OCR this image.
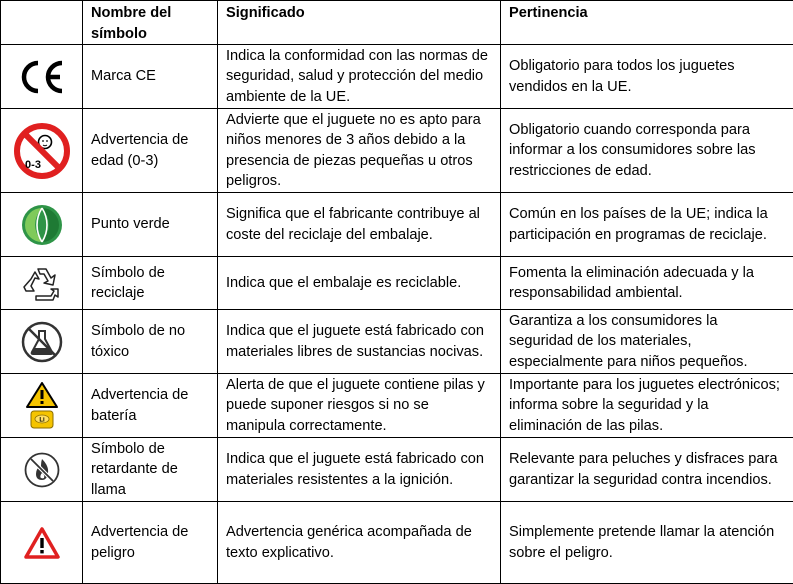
	Nombre del símbolo	Significado	Pertinencia

	Marca CE	Indica la conformidad con las normas de seguridad, salud y protección del medio ambiente de la UE.	Obligatorio para todos los juguetes vendidos en la UE.

0-3	Advertencia de edad (0-3)	Advierte que el juguete no es apto para niños menores de 3 años debido a la presencia de piezas pequeñas u otros peligros.	Obligatorio cuando corresponda para informar a los consumidores sobre las restricciones de edad.

	Punto verde	Significa que el fabricante contribuye al coste del reciclaje del embalaje.	Común en los países de la UE; indica la participación en programas de reciclaje.

	Símbolo de reciclaje	Indica que el embalaje es reciclable.	Fomenta la eliminación adecuada y la responsabilidad ambiental.

	Símbolo de no tóxico	Indica que el juguete está fabricado con materiales libres de sustancias nocivas.	Garantiza a los consumidores la seguridad de los materiales, especialmente para niños pequeños.

Li	Advertencia de batería	Alerta de que el juguete contiene pilas y puede suponer riesgos si no se manipula correctamente.	Importante para los juguetes electrónicos; informa sobre la seguridad y la eliminación de las pilas.

	Símbolo de retardante de llama	Indica que el juguete está fabricado con materiales resistentes a la ignición.	Relevante para peluches y disfraces para garantizar la seguridad contra incendios.

	Advertencia de peligro	Advertencia genérica acompañada de texto explicativo.	Simplemente pretende llamar la atención sobre el peligro.
